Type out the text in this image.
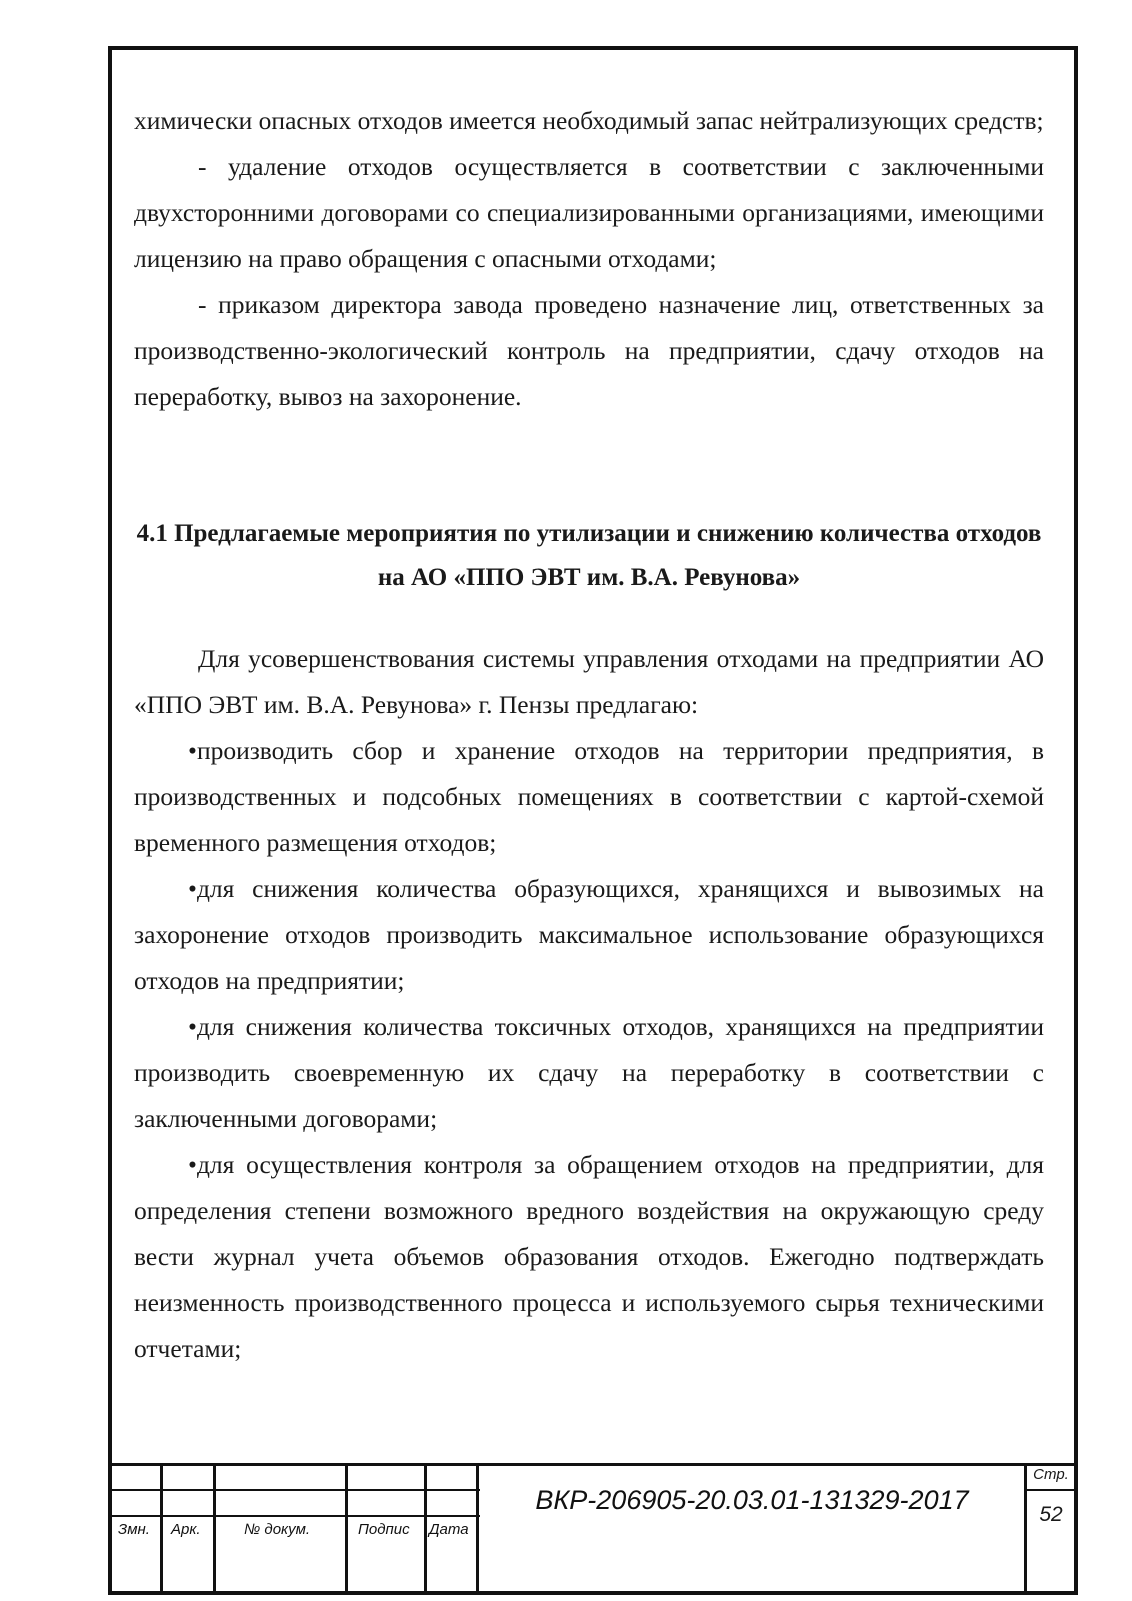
химически опасных отходов имеется необходимый запас нейтрализующих средств;

- удаление отходов осуществляется в соответствии с заключенными двухсторонними договорами со специализированными организациями, имеющими лицензию на право обращения с опасными отходами;

- приказом директора завода проведено назначение лиц, ответственных за производственно-экологический контроль на предприятии, сдачу отходов на переработку, вывоз на захоронение.

4.1 Предлагаемые мероприятия по утилизации и снижению количества отходов на АО «ППО ЭВТ им. В.А. Ревунова»

Для усовершенствования системы управления отходами на предприятии АО «ППО ЭВТ им. В.А. Ревунова» г. Пензы предлагаю:

•производить сбор и хранение отходов на территории предприятия, в производственных и подсобных помещениях в соответствии с картой-схемой временного размещения отходов;

•для снижения количества образующихся, хранящихся и вывозимых на захоронение отходов производить максимальное использование образующихся отходов на предприятии;

•для снижения количества токсичных отходов, хранящихся на предприятии производить своевременную их сдачу на переработку в соответствии с заключенными договорами;

•для осуществления контроля за обращением отходов на предприятии, для определения степени возможного вредного воздействия на окружающую среду вести журнал учета объемов образования отходов. Ежегодно подтверждать неизменность производственного процесса и используемого сырья техническими отчетами;

Змн. Арк.	№ докум.	Подпис Дата
ВКР-206905-20.03.01-131329-2017
Стр.
52
